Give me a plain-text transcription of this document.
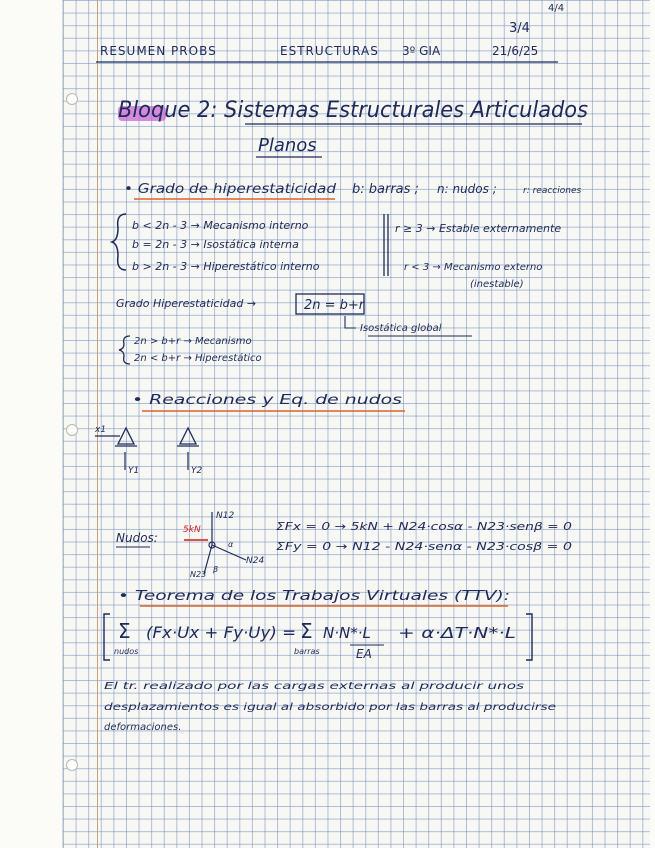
4/4
3/4
RESUMEN PROBS	ESTRUCTURAS 3º GIA	21/6/25
Bloque 2: Sistemas Estructurales Articulados
Planos
• Grado de hiperestaticidad b: barras ; n: nudos ;	r: reacciones
b < 2n - 3 → Mecanismo interno
b = 2n - 3 → Isostática interna
b > 2n - 3 → Hiperestático interno
r ≥ 3 → Estable externamente
r < 3 → Mecanismo externo
(inestable)
Grado Hiperestaticidad →	2n = b+r
Isostática global
2n > b+r → Mecanismo
2n < b+r → Hiperestático
• Reacciones y Eq. de nudos
x1
Y1	Y2
Nudos:
N12
5kN
N24
α
N23
β
ΣFx = 0 → 5kN + N24·cosα - N23·senβ = 0
ΣFy = 0 → N12 - N24·senα - N23·cosβ = 0
• Teorema de los Trabajos Virtuales (TTV):
Σ
nudos
(Fx·Ux + Fy·Uy) = Σ
barras
N·N*·L
EA
+ α·ΔT·N*·L
El tr. realizado por las cargas externas al producir unos
desplazamientos es igual al absorbido por las barras al producirse
deformaciones.
